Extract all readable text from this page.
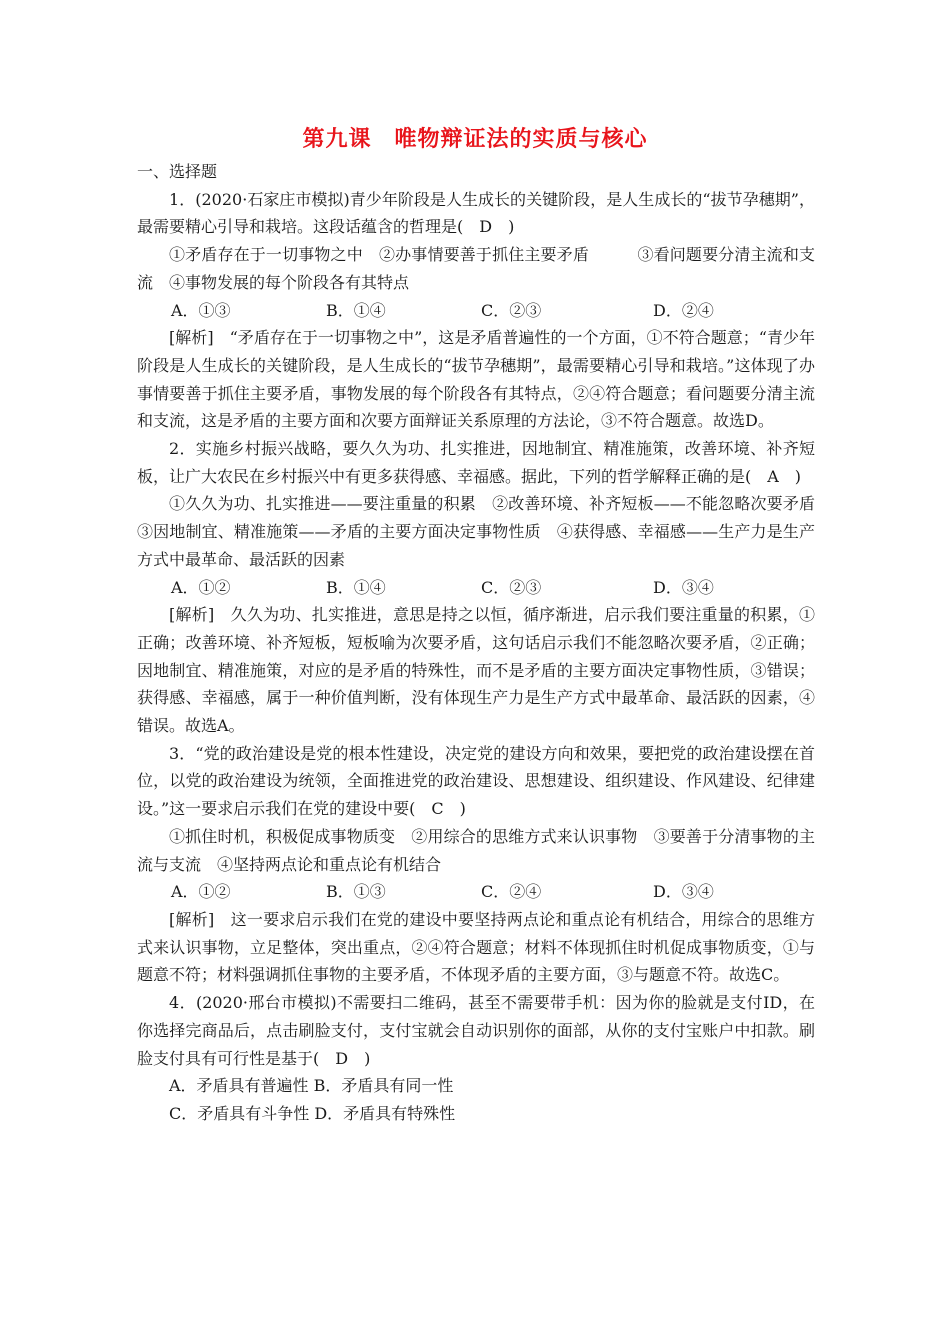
第九课　唯物辩证法的实质与核心

一、选择题

1．(2020·石家庄市模拟)青少年阶段是人生成长的关键阶段，是人生成长的“拔节孕穗期”，最需要精心引导和栽培。这段话蕴含的哲理是(　D　)

①矛盾存在于一切事物之中　②办事情要善于抓住主要矛盾　　　③看问题要分清主流和支流　④事物发展的每个阶段各有其特点

A．①③	B．①④	C．②③	D．②④

[解析]　“矛盾存在于一切事物之中”，这是矛盾普遍性的一个方面，①不符合题意；“青少年阶段是人生成长的关键阶段，是人生成长的“拔节孕穗期”，最需要精心引导和栽培。”这体现了办事情要善于抓住主要矛盾，事物发展的每个阶段各有其特点，②④符合题意；看问题要分清主流和支流，这是矛盾的主要方面和次要方面辩证关系原理的方法论，③不符合题意。故选D。

2．实施乡村振兴战略，要久久为功、扎实推进，因地制宜、精准施策，改善环境、补齐短板，让广大农民在乡村振兴中有更多获得感、幸福感。据此，下列的哲学解释正确的是(　A　)

①久久为功、扎实推进——要注重量的积累　②改善环境、补齐短板——不能忽略次要矛盾　③因地制宜、精准施策——矛盾的主要方面决定事物性质　④获得感、幸福感——生产力是生产方式中最革命、最活跃的因素

A．①②	B．①④	C．②③	D．③④

[解析]　久久为功、扎实推进，意思是持之以恒，循序渐进，启示我们要注重量的积累，①正确；改善环境、补齐短板，短板喻为次要矛盾，这句话启示我们不能忽略次要矛盾，②正确；因地制宜、精准施策，对应的是矛盾的特殊性，而不是矛盾的主要方面决定事物性质，③错误；获得感、幸福感，属于一种价值判断，没有体现生产力是生产方式中最革命、最活跃的因素，④错误。故选A。

3．“党的政治建设是党的根本性建设，决定党的建设方向和效果，要把党的政治建设摆在首位，以党的政治建设为统领，全面推进党的政治建设、思想建设、组织建设、作风建设、纪律建设。”这一要求启示我们在党的建设中要(　C　)

①抓住时机，积极促成事物质变　②用综合的思维方式来认识事物　③要善于分清事物的主流与支流　④坚持两点论和重点论有机结合

A．①②	B．①③	C．②④	D．③④

[解析]　这一要求启示我们在党的建设中要坚持两点论和重点论有机结合，用综合的思维方式来认识事物，立足整体，突出重点，②④符合题意；材料不体现抓住时机促成事物质变，①与题意不符；材料强调抓住事物的主要矛盾，不体现矛盾的主要方面，③与题意不符。故选C。

4．(2020·邢台市模拟)不需要扫二维码，甚至不需要带手机：因为你的脸就是支付ID，在你选择完商品后，点击刷脸支付，支付宝就会自动识别你的面部，从你的支付宝账户中扣款。刷脸支付具有可行性是基于(　D　)

A．矛盾具有普遍性 B．矛盾具有同一性

C．矛盾具有斗争性 D．矛盾具有特殊性
